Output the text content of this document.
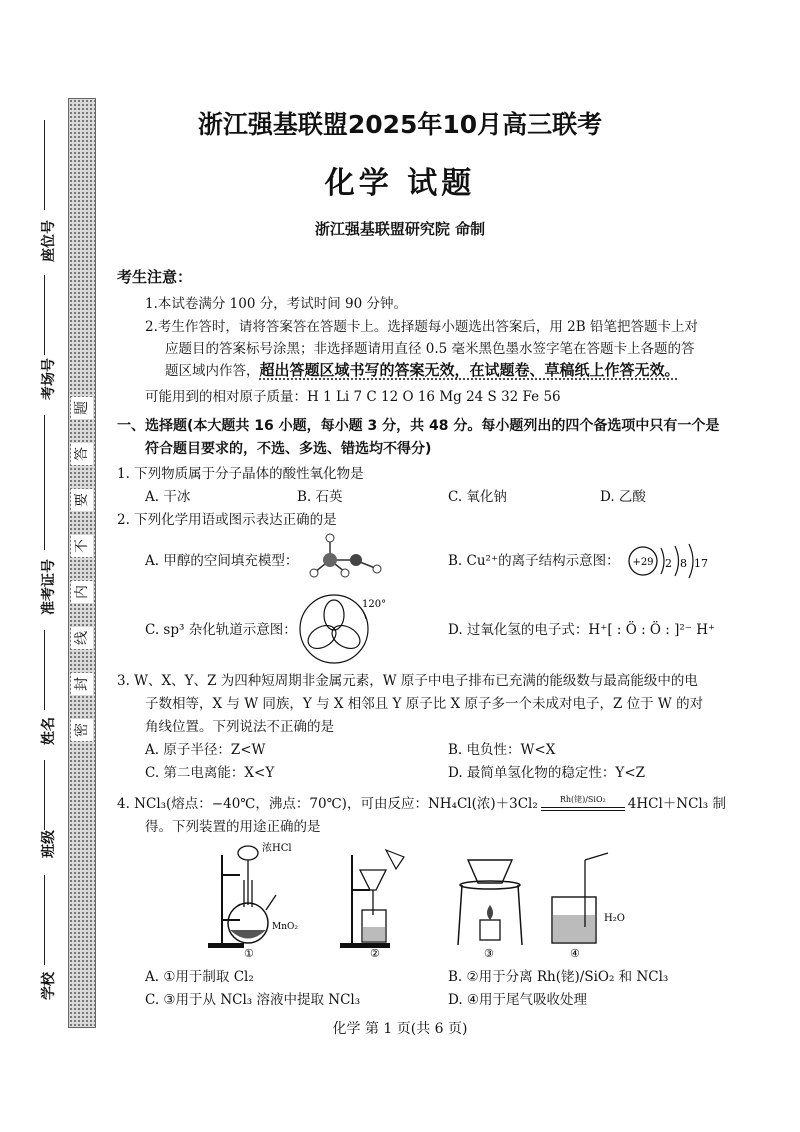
题
答
要
不
内
线
封
密
座位号
考场号
准考证号
姓名
班级
学校
浙江强基联盟2025年10月高三联考
化学 试题
浙江强基联盟研究院 命制
考生注意：
1.本试卷满分 100 分，考试时间 90 分钟。
2.考生作答时，请将答案答在答题卡上。选择题每小题选出答案后，用 2B 铅笔把答题卡上对
应题目的答案标号涂黑；非选择题请用直径 0.5 毫米黑色墨水签字笔在答题卡上各题的答
题区域内作答，超出答题区域书写的答案无效，在试题卷、草稿纸上作答无效。
可能用到的相对原子质量：H 1 Li 7 C 12 O 16 Mg 24 S 32 Fe 56
一、选择题(本大题共 16 小题，每小题 3 分，共 48 分。每小题列出的四个备选项中只有一个是
符合题目要求的，不选、多选、错选均不得分)
1. 下列物质属于分子晶体的酸性氧化物是
A. 干冰	B. 石英	C. 氧化钠	D. 乙酸
2. 下列化学用语或图示表达正确的是
A. 甲醇的空间填充模型：	B. Cu²⁺的离子结构示意图： +29 2 8 17
C. sp³ 杂化轨道示意图：
120°
D. 过氧化氢的电子式：H⁺[ : Ö : Ö : ]²⁻ H⁺
3. W、X、Y、Z 为四种短周期非金属元素，W 原子中电子排布已充满的能级数与最高能级中的电
子数相等，X 与 W 同族，Y 与 X 相邻且 Y 原子比 X 原子多一个未成对电子，Z 位于 W 的对
角线位置。下列说法不正确的是
A. 原子半径：Z<W	B. 电负性：W<X
C. 第二电离能：X<Y	D. 最简单氢化物的稳定性：Y<Z
4. NCl₃(熔点：−40℃，沸点：70℃)，可由反应：NH₄Cl(浓)＋3Cl₂	Rh(铑)/SiO₂	4HCl＋NCl₃ 制
得。下列装置的用途正确的是
浓HCl
MnO₂
①	②	③
H₂O
④
A. ①用于制取 Cl₂	B. ②用于分离 Rh(铑)/SiO₂ 和 NCl₃
C. ③用于从 NCl₃ 溶液中提取 NCl₃	D. ④用于尾气吸收处理
化学 第 1 页(共 6 页)
